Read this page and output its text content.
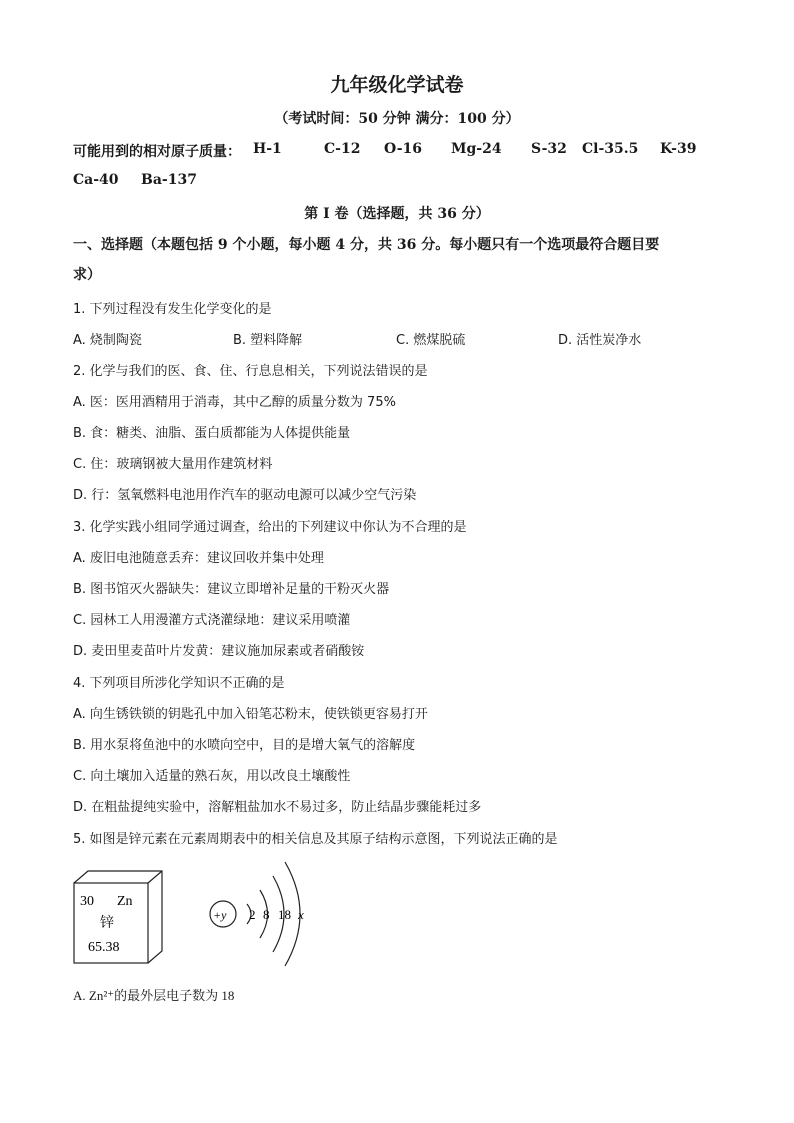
九年级化学试卷
（考试时间：50 分钟 满分：100 分）
可能用到的相对原子质量： H-1	C-12 O-16 Mg-24 S-32 Cl-35.5 K-39
Ca-40 Ba-137
第 I 卷（选择题，共 36 分）
一、选择题（本题包括 9 个小题，每小题 4 分，共 36 分。每小题只有一个选项最符合题目要
求）
1. 下列过程没有发生化学变化的是
A. 烧制陶瓷	B. 塑料降解	C. 燃煤脱硫	D. 活性炭净水
2. 化学与我们的医、食、住、行息息相关，下列说法错误的是
A. 医：医用酒精用于消毒，其中乙醇的质量分数为 75%
B. 食：糖类、油脂、蛋白质都能为人体提供能量
C. 住：玻璃钢被大量用作建筑材料
D. 行：氢氧燃料电池用作汽车的驱动电源可以减少空气污染
3. 化学实践小组同学通过调查，给出的下列建议中你认为不合理的是
A. 废旧电池随意丢弃：建议回收并集中处理
B. 图书馆灭火器缺失：建议立即增补足量的干粉灭火器
C. 园林工人用漫灌方式浇灌绿地：建议采用喷灌
D. 麦田里麦苗叶片发黄：建议施加尿素或者硝酸铵
4. 下列项目所涉化学知识不正确的是
A. 向生锈铁锁的钥匙孔中加入铅笔芯粉末，使铁锁更容易打开
B. 用水泵将鱼池中的水喷向空中，目的是增大氧气的溶解度
C. 向土壤加入适量的熟石灰，用以改良土壤酸性
D. 在粗盐提纯实验中，溶解粗盐加水不易过多，防止结晶步骤能耗过多
5. 如图是锌元素在元素周期表中的相关信息及其原子结构示意图，下列说法正确的是
30 Zn
锌
65.38
+y 2 8 18 x
A. Zn²⁺的最外层电子数为 18
